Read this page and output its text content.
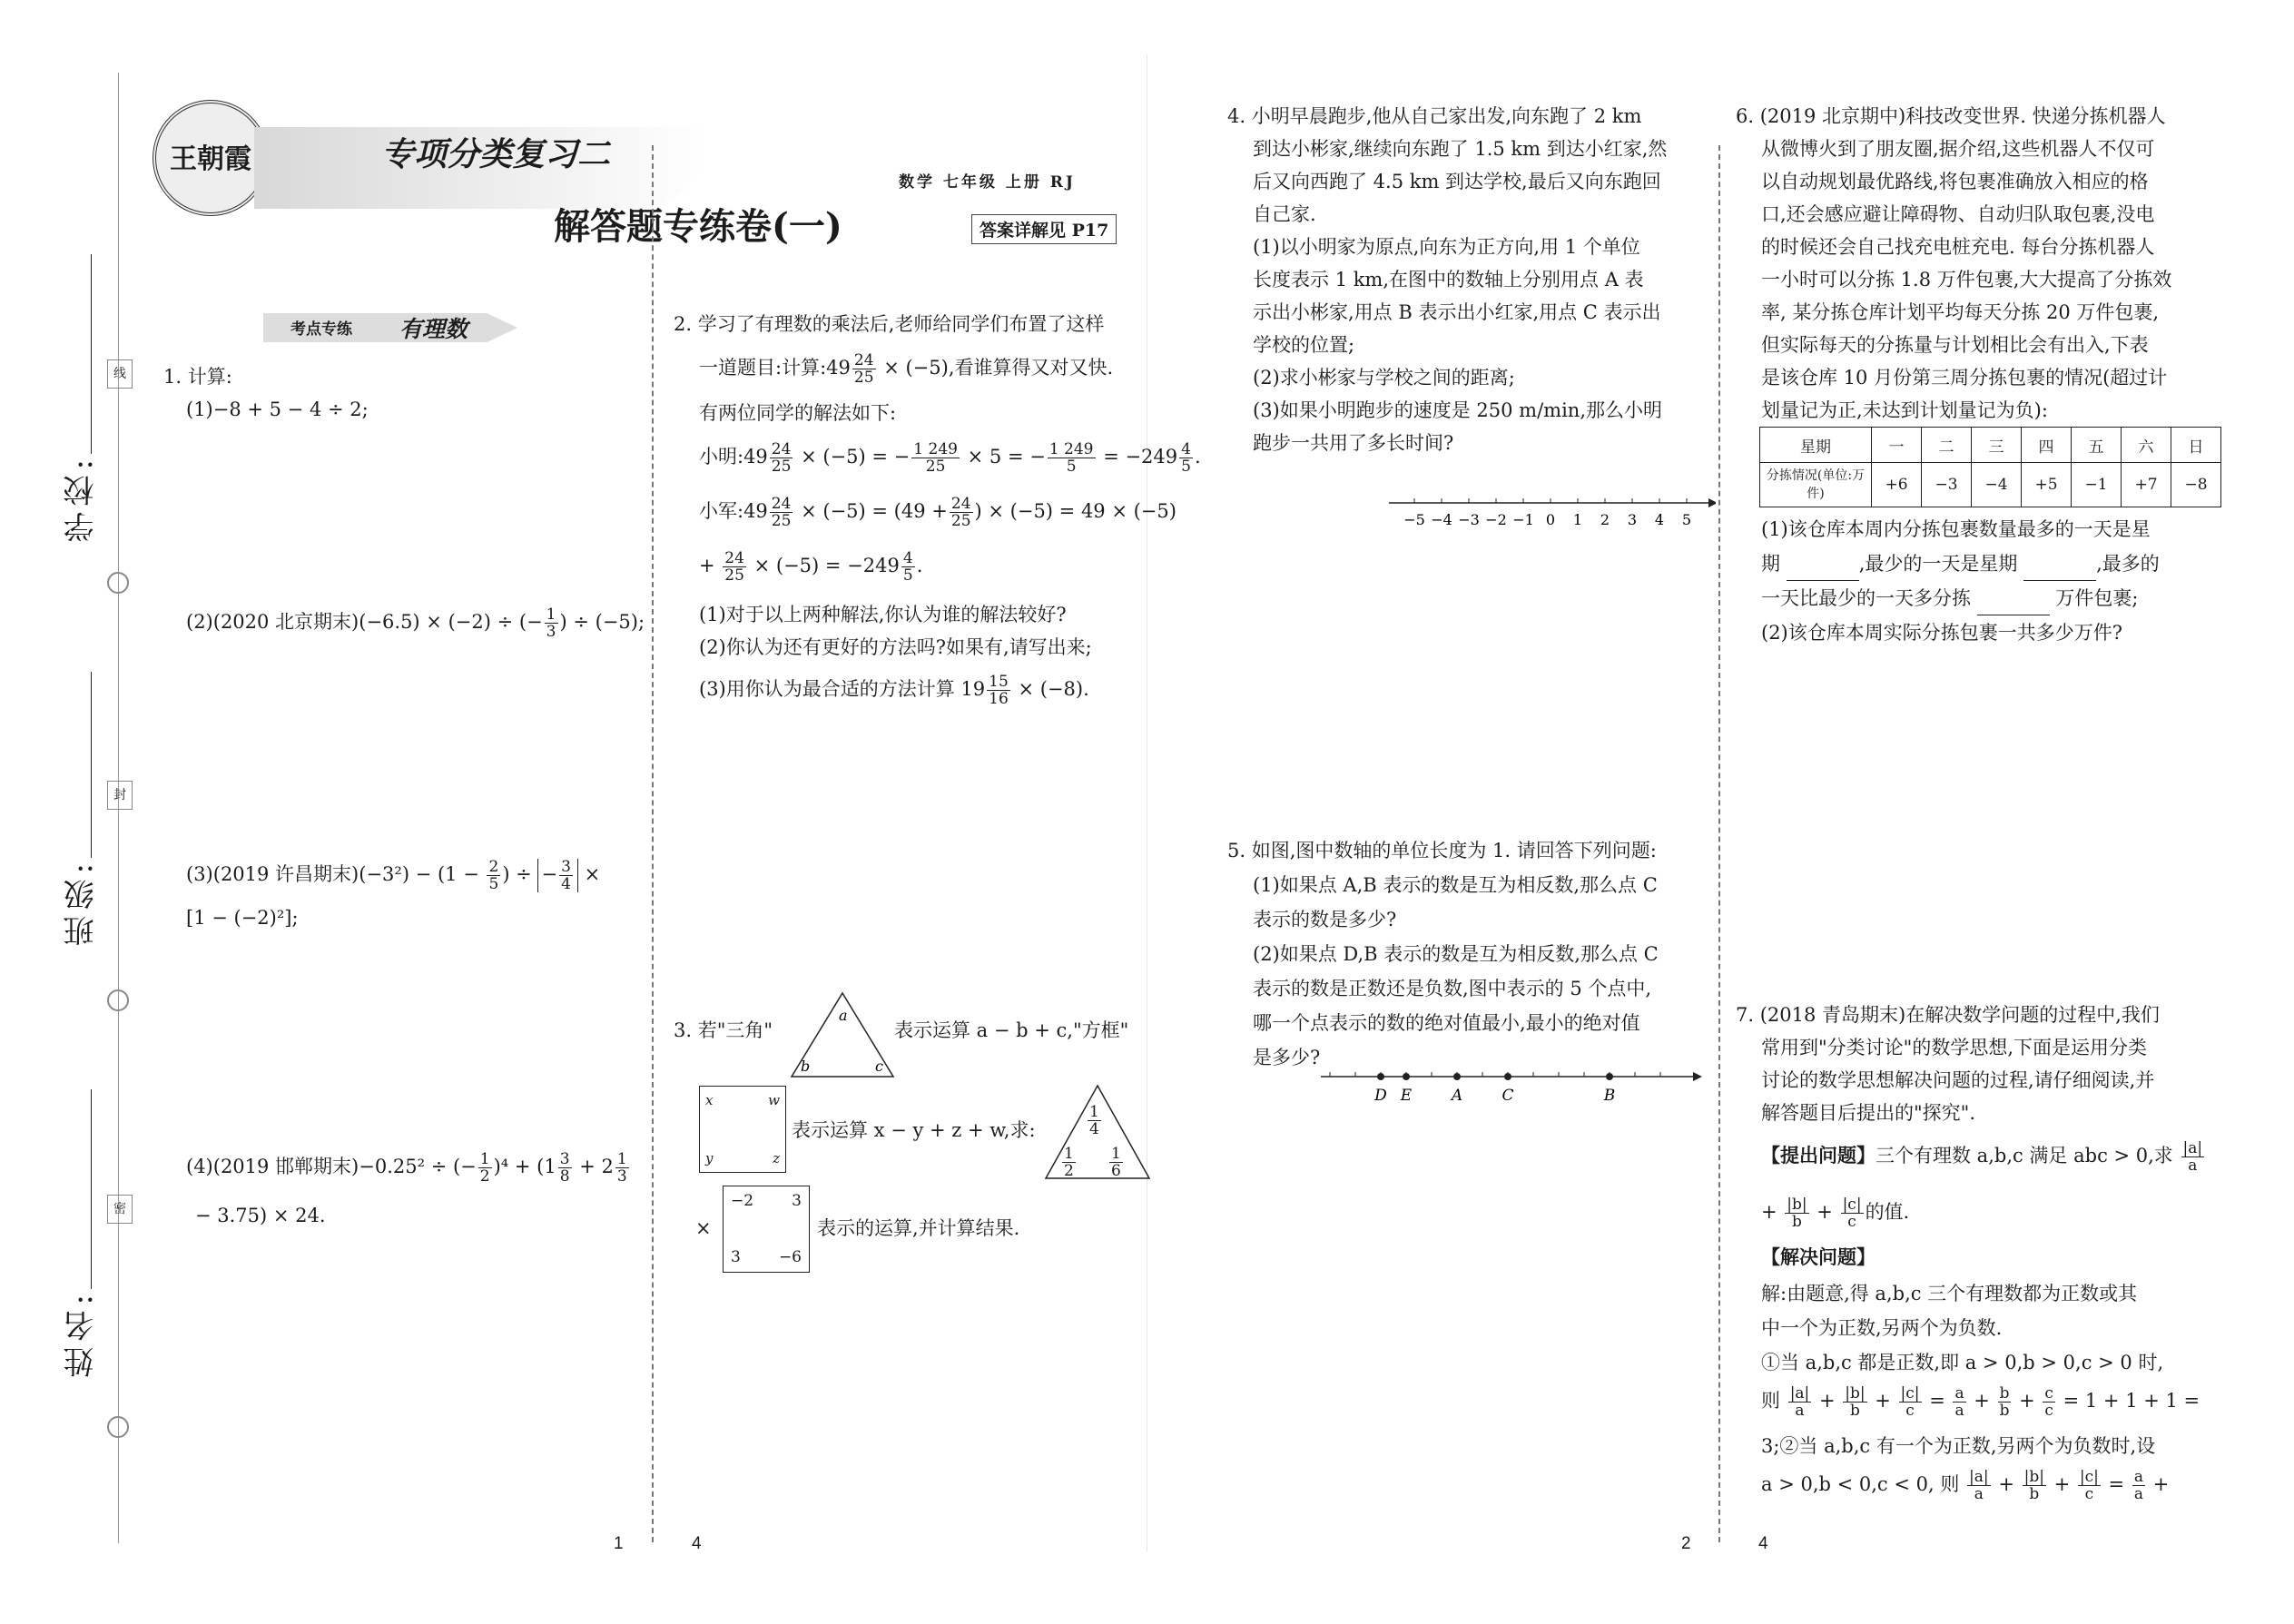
学校:
班级:
姓名:
线
封
密
王朝霞	专项分类复习二
解答题专练卷(一)
数学 七年级 上册 RJ
答案详解见 P17
考点专练 有理数
1. 计算:
(1)−8 + 5 − 4 ÷ 2;
(2)(2020 北京期末)(−6.5) × (−2) ÷ (− $\frac{1}{3}$ ) ÷ (−5);
(3)(2019 许昌期末)$(-3^2) - (1 - \frac{2}{5}$ ) ÷ − $\frac{3}{4}$ ×
[1 − (−2)²];
(4)(2019 邯郸期末)−0.25² ÷ (− $\frac{1}{2} )^4 + (1 \frac{3}{8} + 2 \frac{1}{3}$
− 3.75) × 24.
2. 学习了有理数的乘法后,老师给同学们布置了这样
一道题目:计算:49 $\frac{24}{25} \times (-5)$,看谁算得又对又快.
有两位同学的解法如下:
小明:49 $\frac{24}{25} \times (-5)$ = − $\frac{1 249}{25} \times 5$ = − $\frac{1 249}{5} = -249 \frac{4}{5}$ .
小军:49 $\frac{24}{25} \times (-5) = (49 + \frac{24}{25}$ ) × (−5) = 49 × (−5)
+ $\frac{24}{25} \times (-5) = -249 \frac{4}{5}$ .
(1)对于以上两种解法,你认为谁的解法较好?
(2)你认为还有更好的方法吗?如果有,请写出来;
(3)用你认为最合适的方法计算 $19 \frac{15}{16} \times (-8)$.
3. 若"三角"
a
b	c
表示运算 a − b + c,"方框"
x	w
y	z
表示运算 x − y + z + w,求:	$\frac{1}{4}$
$\frac{1}{2} \frac{1}{6}$
×
−2 3
3 −6
表示的运算,并计算结果.
4. 小明早晨跑步,他从自己家出发,向东跑了 2 km
到达小彬家,继续向东跑了 1.5 km 到达小红家,然
后又向西跑了 4.5 km 到达学校,最后又向东跑回
自己家.
(1)以小明家为原点,向东为正方向,用 1 个单位
长度表示 1 km,在图中的数轴上分别用点 A 表
示出小彬家,用点 B 表示出小红家,用点 C 表示出
学校的位置;
(2)求小彬家与学校之间的距离;
(3)如果小明跑步的速度是 250 m/min,那么小明
跑步一共用了多长时间?
−5 −4 −3 −2 −1 0 1 2 3 4 5
5. 如图,图中数轴的单位长度为 1. 请回答下列问题:
(1)如果点 A,B 表示的数是互为相反数,那么点 C
表示的数是多少?
(2)如果点 D,B 表示的数是互为相反数,那么点 C
表示的数是正数还是负数,图中表示的 5 个点中,
哪一个点表示的数的绝对值最小,最小的绝对值
是多少?
D E	A	C	B
6. (2019 北京期中)科技改变世界. 快递分拣机器人
从微博火到了朋友圈,据介绍,这些机器人不仅可
以自动规划最优路线,将包裹准确放入相应的格
口,还会感应避让障碍物、自动归队取包裹,没电
的时候还会自己找充电桩充电. 每台分拣机器人
一小时可以分拣 1.8 万件包裹,大大提高了分拣效
率, 某分拣仓库计划平均每天分拣 20 万件包裹,
但实际每天的分拣量与计划相比会有出入,下表
是该仓库 10 月份第三周分拣包裹的情况(超过计
划量记为正,未达到计划量记为负):
星期	一	二	三	四	五	六	日
分拣情况(单位:万件)	+6	−3	−4	+5	−1	+7	−8
(1)该仓库本周内分拣包裹数量最多的一天是星
期	,最少的一天是星期	,最多的
一天比最少的一天多分拣	万件包裹;
(2)该仓库本周实际分拣包裹一共多少万件?
7. (2018 青岛期末)在解决数学问题的过程中,我们
常用到"分类讨论"的数学思想,下面是运用分类
讨论的数学思想解决问题的过程,请仔细阅读,并
解答题目后提出的"探究".
【提出问题】三个有理数 a,b,c 满足 abc > 0,求 $\frac{|a|}{a}$
+ $\frac{|b|}{b} + \frac{|c|}{c}$ 的值.
【解决问题】
解:由题意,得 a,b,c 三个有理数都为正数或其
中一个为正数,另两个为负数.
①当 a,b,c 都是正数,即 a > 0,b > 0,c > 0 时,
则 $\frac{|a|}{a} + \frac{|b|}{b} + \frac{|c|}{c} = \frac{a}{a} + \frac{b}{b} + \frac{c}{c} = 1 + 1 + 1$ =
3;②当 a,b,c 有一个为正数,另两个为负数时,设
a > 0,b < 0,c < 0, 则 $\frac{|a|}{a} + \frac{|b|}{b} + \frac{|c|}{c} = \frac{a}{a}$ +
1	4	2	4
